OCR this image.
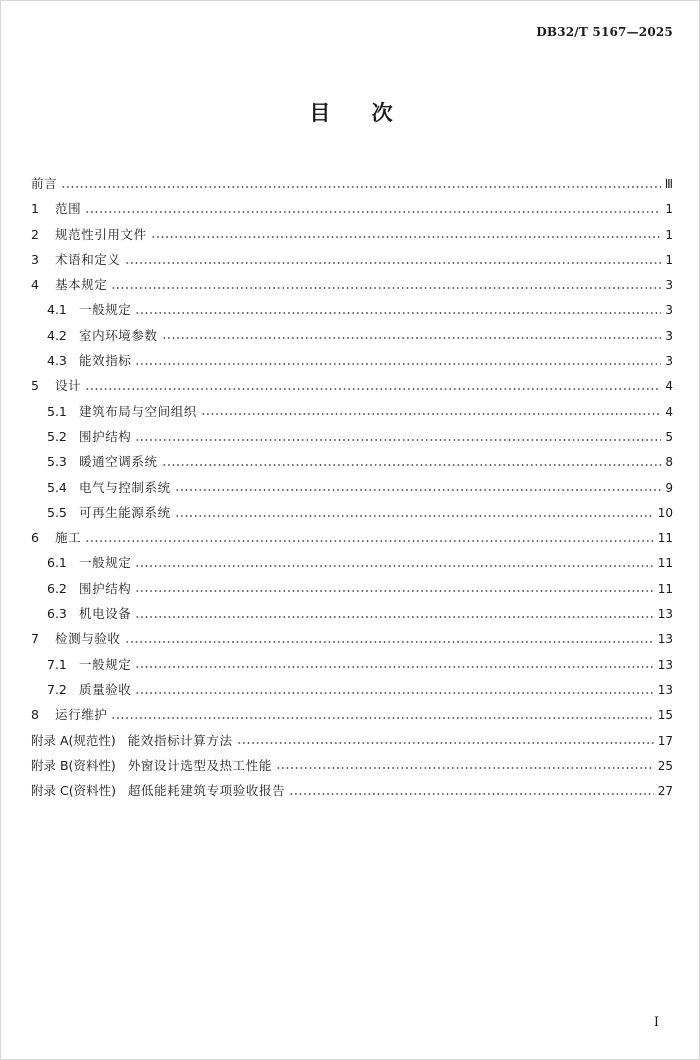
DB32/T 5167—2025
目 次
前言	Ⅲ
1	范围	1
2	规范性引用文件	1
3	术语和定义	1
4	基本规定	3
4.1 一般规定	3
4.2 室内环境参数	3
4.3 能效指标	3
5	设计	4
5.1 建筑布局与空间组织	4
5.2 围护结构	5
5.3 暖通空调系统	8
5.4 电气与控制系统	9
5.5 可再生能源系统	10
6	施工	11
6.1 一般规定	11
6.2 围护结构	11
6.3 机电设备	13
7	检测与验收	13
7.1 一般规定	13
7.2 质量验收	13
8	运行维护	15
附录 A(规范性) 能效指标计算方法	17
附录 B(资料性) 外窗设计选型及热工性能	25
附录 C(资料性) 超低能耗建筑专项验收报告	27
I
